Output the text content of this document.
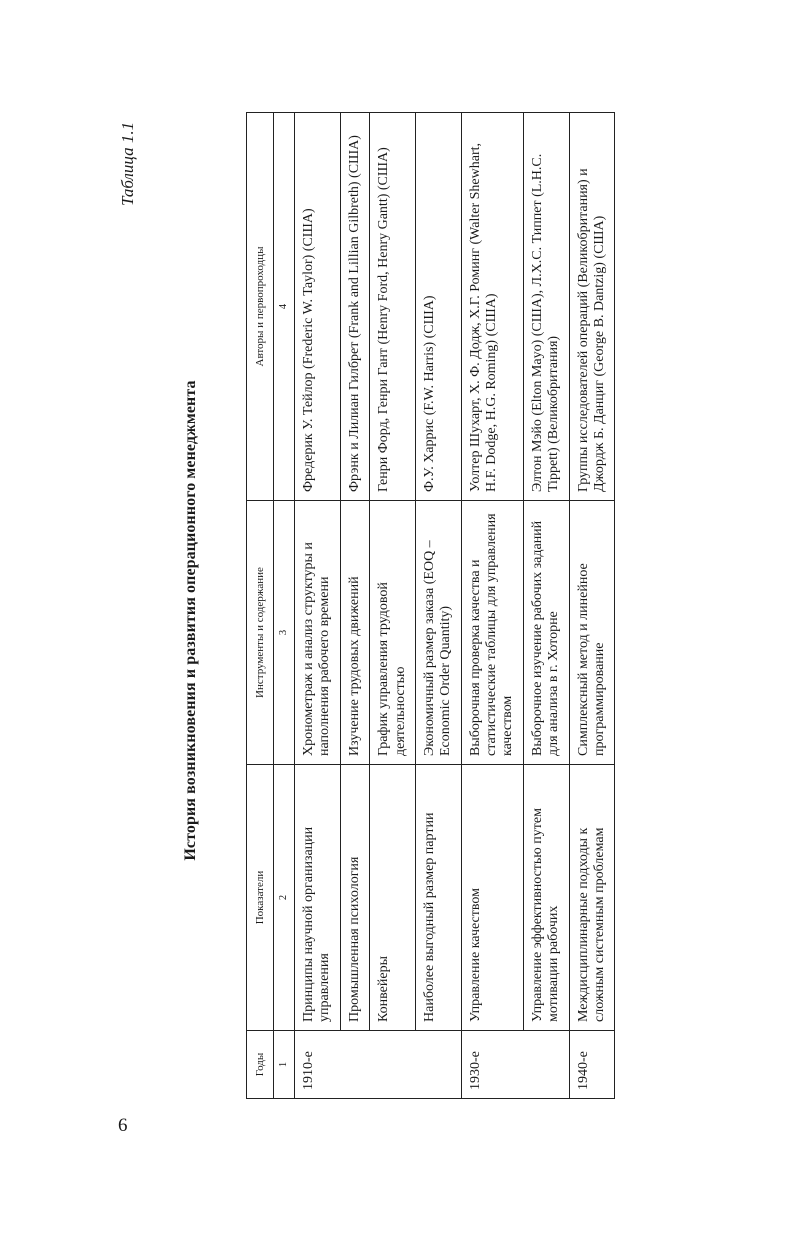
6
Таблица 1.1
История возникновения и развития операционного менеджмента
Годы	Показатели	Инструменты и содержание	Авторы и первопроходцы
1	2	3	4
1910-е	Принципы научной организации управления	Хронометраж и анализ структуры и наполнения рабочего времени	Фредерик У. Тейлор (Frederic W. Taylor) (США)
	Промышленная психология	Изучение трудовых движений	Фрэнк и Лилиан Гилбрет (Frank and Lillian Gilbreth) (США)
	Конвейеры	График управления трудовой деятельностью	Генри Форд, Генри Гант (Henry Ford, Henry Gantt) (США)
	Наиболее выгодный размер партии	Экономичный размер заказа (EOQ – Economic Order Quantity)	Ф.У. Харрис (F.W. Harris) (США)
1930-е	Управление качеством	Выборочная проверка качества и статистические таблицы для управления качеством	Уолтер Шухарт, Х. Ф. Додж, Х.Г. Роминг (Walter Shewhart, H.F. Dodge, H.G. Roming) (США)
	Управление эффективностью путем мотивации рабочих	Выборочное изучение рабочих заданий для анализа в г. Хоторне	Элтон Мэйо (Elton Mayo) (США), Л.Х.С. Типпет (L.H.C. Tippett) (Великобритания)
1940-е	Междисциплинарные подходы к сложным системным проблемам	Симплексный метод и линейное программирование	Группы исследователей операций (Великобритания) и Джордж Б. Данциг (George B. Dantzig) (США)
